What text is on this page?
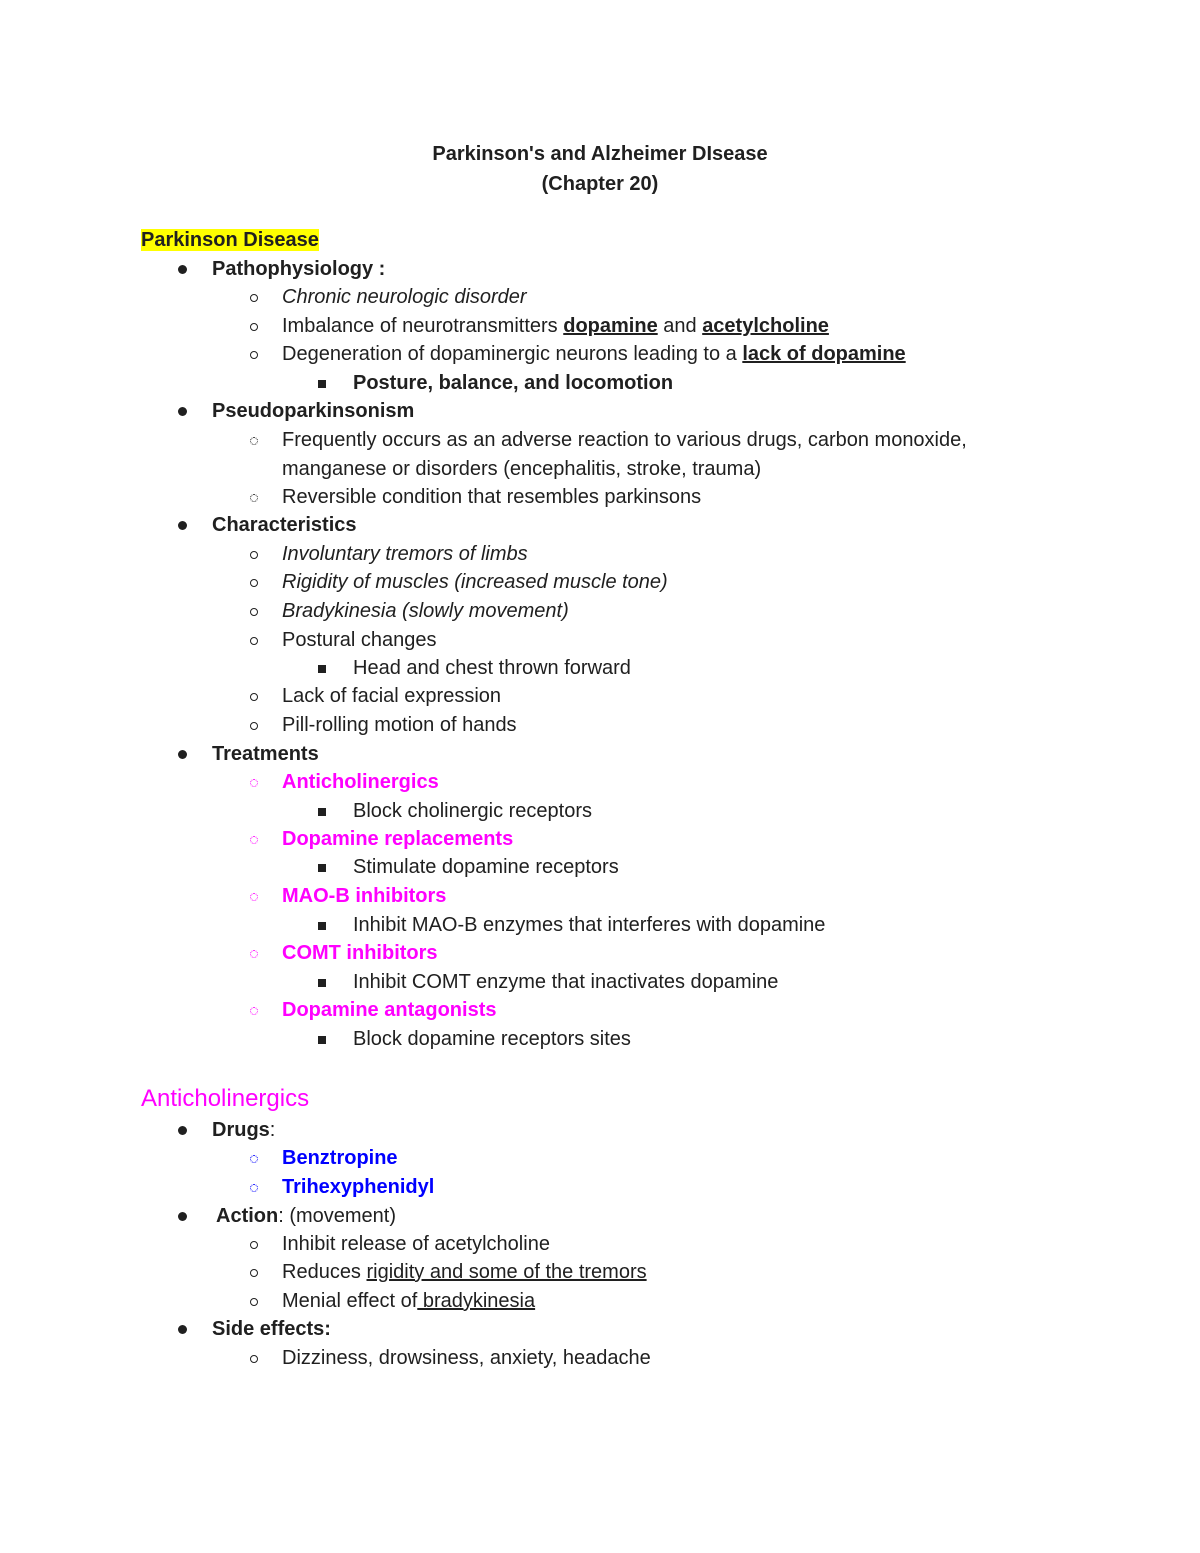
Parkinson's and Alzheimer DIsease
(Chapter 20)
Parkinson Disease
Pathophysiology :
Chronic neurologic disorder
Imbalance of neurotransmitters dopamine and acetylcholine
Degeneration of dopaminergic neurons leading to a lack of dopamine
Posture, balance, and locomotion
Pseudoparkinsonism
Frequently occurs as an adverse reaction to various drugs, carbon monoxide,
manganese or disorders (encephalitis, stroke, trauma)
Reversible condition that resembles parkinsons
Characteristics
Involuntary tremors of limbs
Rigidity of muscles (increased muscle tone)
Bradykinesia (slowly movement)
Postural changes
Head and chest thrown forward
Lack of facial expression
Pill-rolling motion of hands
Treatments
Anticholinergics
Block cholinergic receptors
Dopamine replacements
Stimulate dopamine receptors
MAO-B inhibitors
Inhibit MAO-B enzymes that interferes with dopamine
COMT inhibitors
Inhibit COMT enzyme that inactivates dopamine
Dopamine antagonists
Block dopamine receptors sites
Anticholinergics
Drugs:
Benztropine
Trihexyphenidyl
Action: (movement)
Inhibit release of acetylcholine
Reduces rigidity and some of the tremors
Menial effect of bradykinesia
Side effects:
Dizziness, drowsiness, anxiety, headache
